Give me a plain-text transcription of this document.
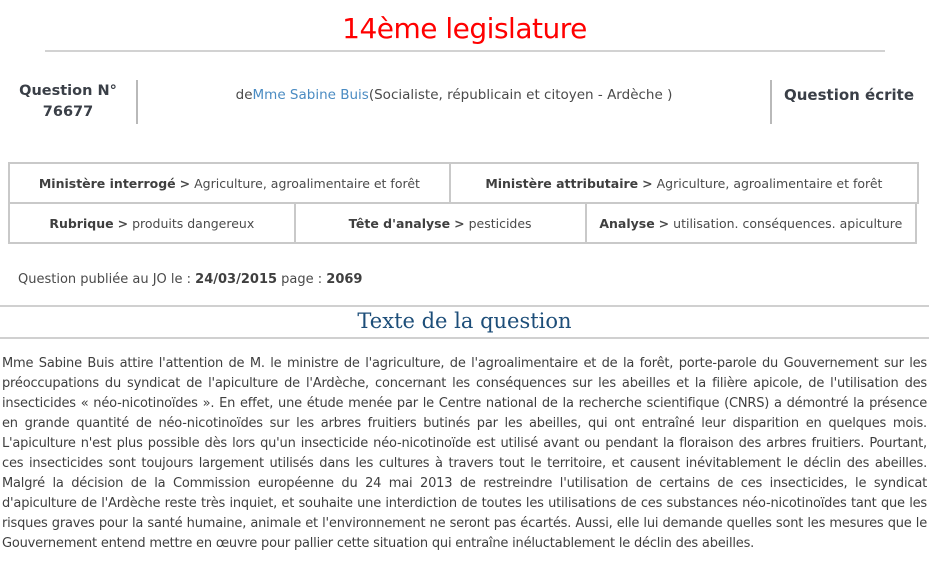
14ème legislature
Question N°
76677
de Mme Sabine Buis (Socialiste, républicain et citoyen - Ardèche )	Question écrite
Ministère interrogé > Agriculture, agroalimentaire et forêt	Ministère attributaire > Agriculture, agroalimentaire et forêt
Rubrique > produits dangereux	Tête d'analyse > pesticides	Analyse > utilisation. conséquences. apiculture
Question publiée au JO le : 24/03/2015 page : 2069
Texte de la question

Mme Sabine Buis attire l'attention de M. le ministre de l'agriculture, de l'agroalimentaire et de la forêt, porte-parole du Gouvernement sur les préoccupations du syndicat de l'apiculture de l'Ardèche, concernant les conséquences sur les abeilles et la filière apicole, de l'utilisation des insecticides « néo-nicotinoïdes ». En effet, une étude menée par le Centre national de la recherche scientifique (CNRS) a démontré la présence en grande quantité de néo-nicotinoïdes sur les arbres fruitiers butinés par les abeilles, qui ont entraîné leur disparition en quelques mois. L'apiculture n'est plus possible dès lors qu'un insecticide néo-nicotinoïde est utilisé avant ou pendant la floraison des arbres fruitiers. Pourtant, ces insecticides sont toujours largement utilisés dans les cultures à travers tout le territoire, et causent inévitablement le déclin des abeilles. Malgré la décision de la Commission européenne du 24 mai 2013 de restreindre l'utilisation de certains de ces insecticides, le syndicat d'apiculture de l'Ardèche reste très inquiet, et souhaite une interdiction de toutes les utilisations de ces substances néo-nicotinoïdes tant que les risques graves pour la santé humaine, animale et l'environnement ne seront pas écartés. Aussi, elle lui demande quelles sont les mesures que le Gouvernement entend mettre en œuvre pour pallier cette situation qui entraîne inéluctablement le déclin des abeilles.
